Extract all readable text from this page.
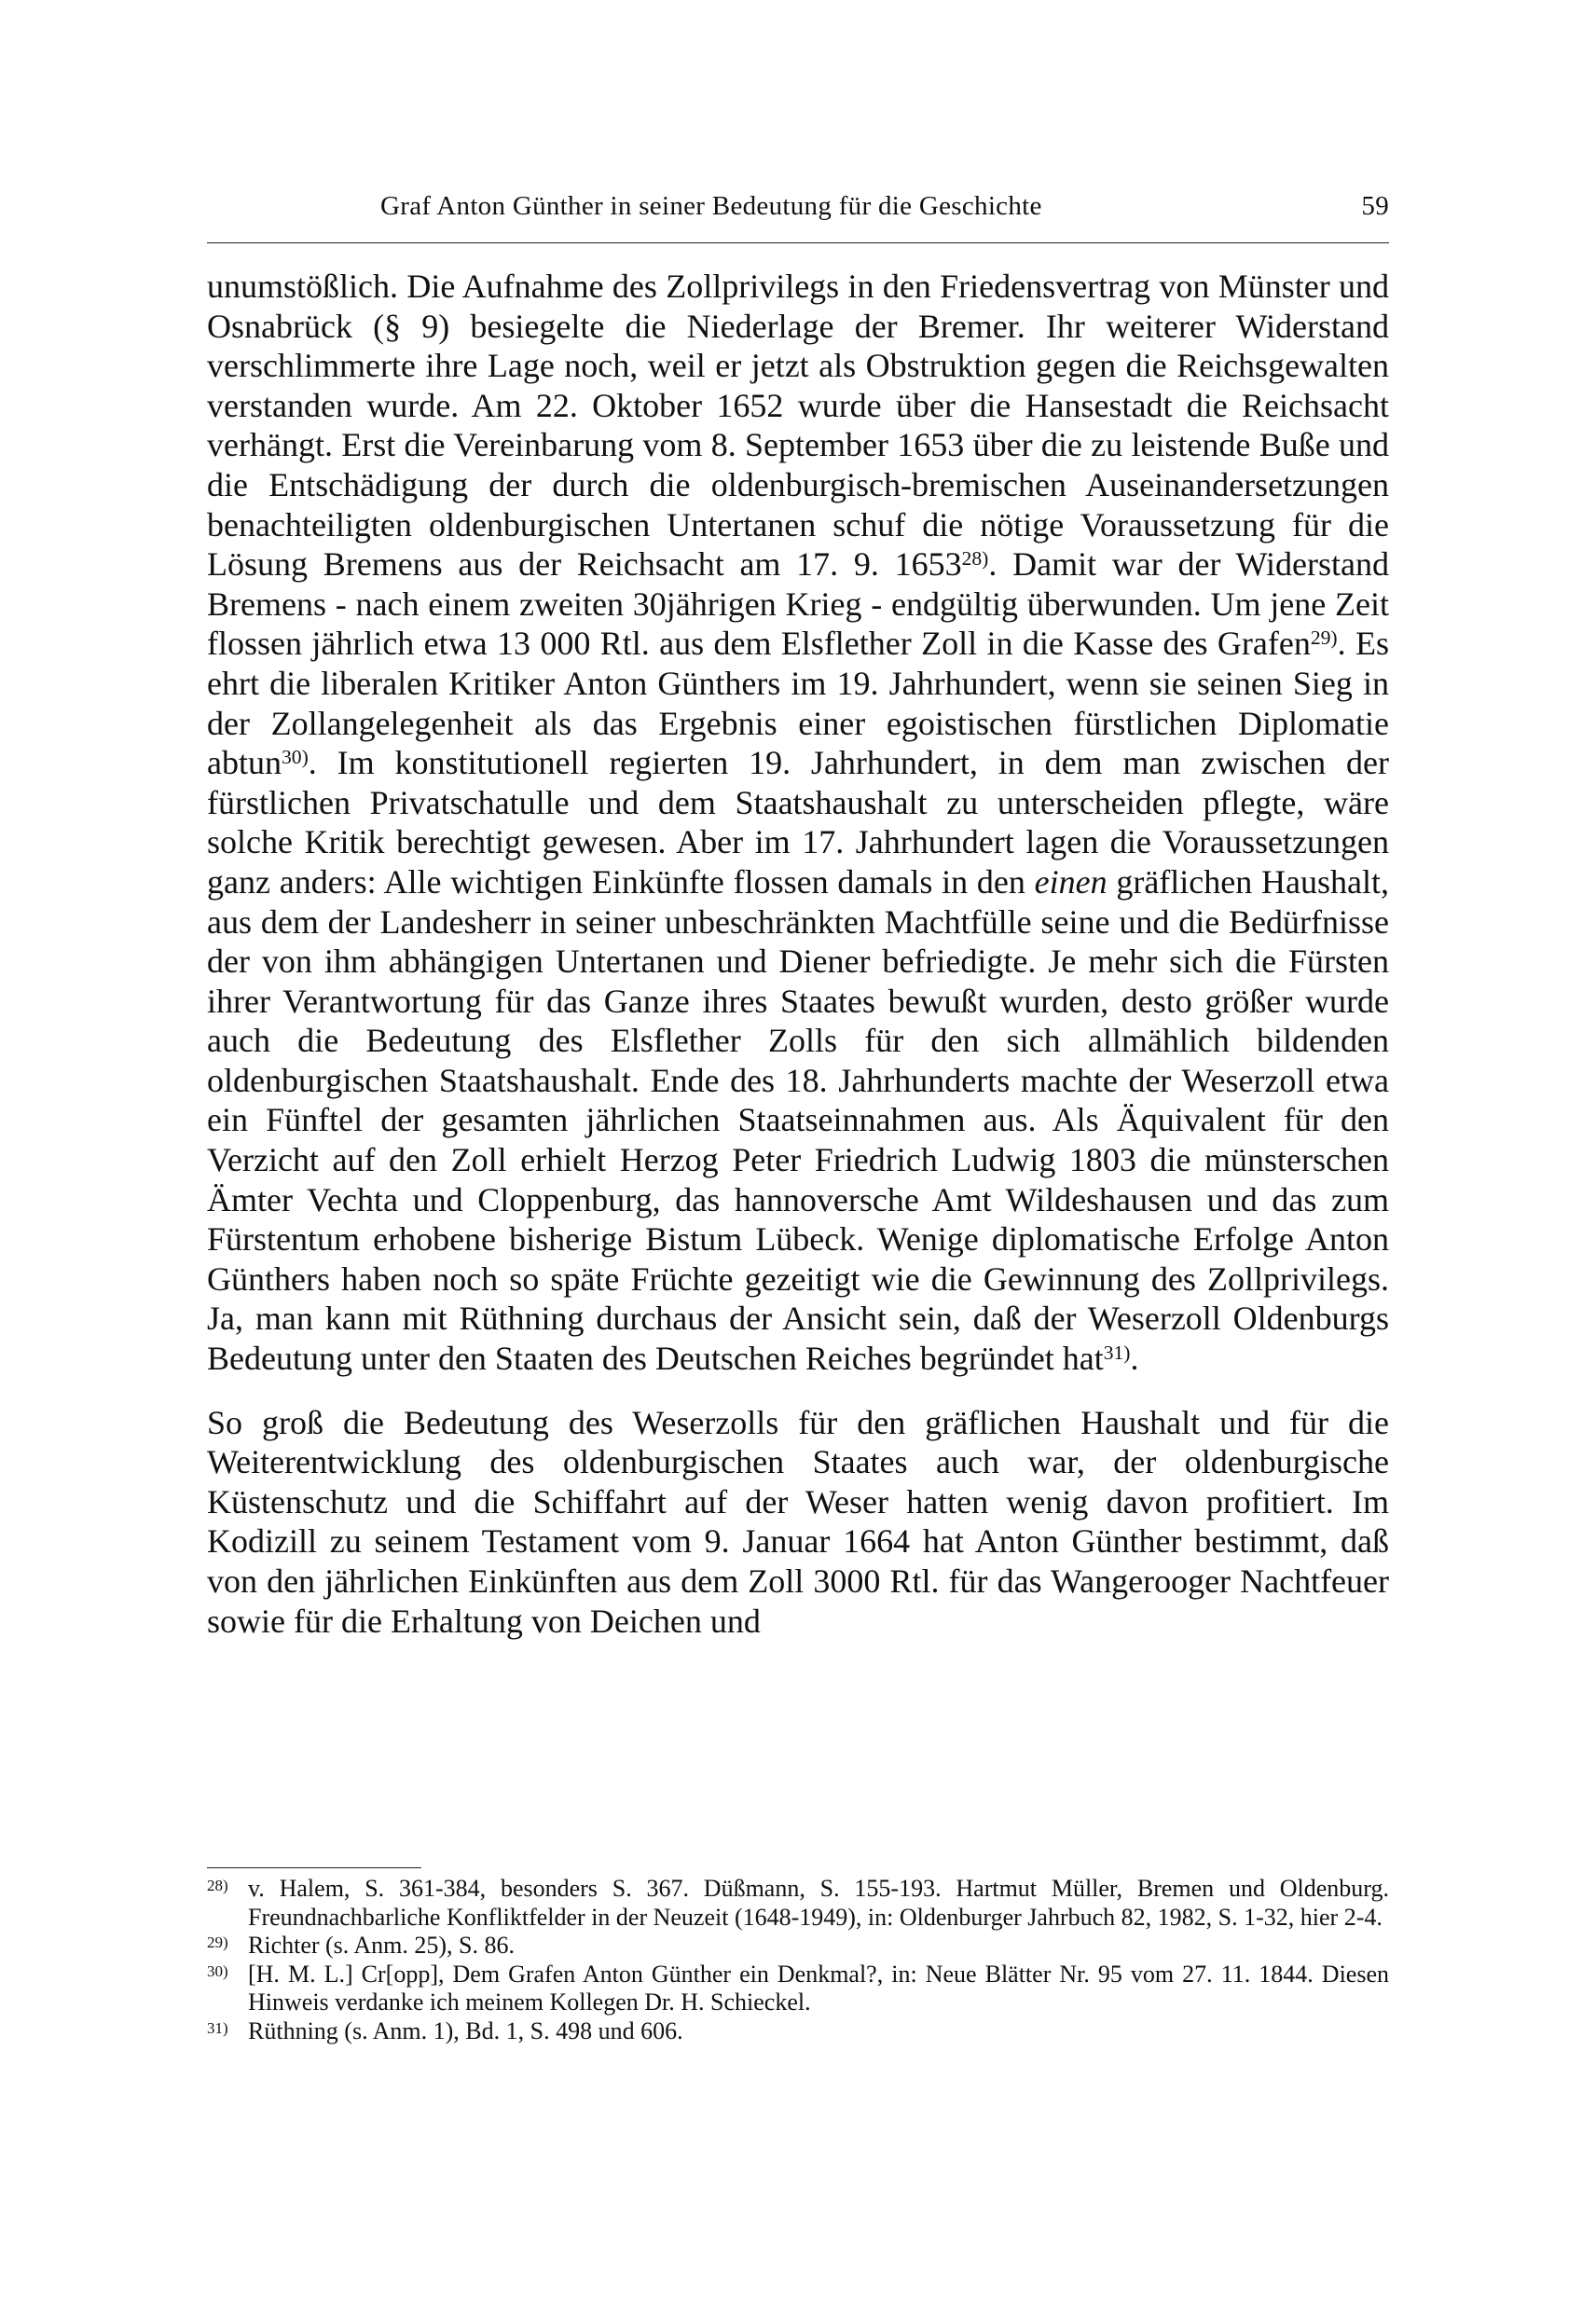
Graf Anton Günther in seiner Bedeutung für die Geschichte	59

unumstößlich. Die Aufnahme des Zollprivilegs in den Friedensvertrag von Münster und Osnabrück (§ 9) besiegelte die Niederlage der Bremer. Ihr weiterer Widerstand verschlimmerte ihre Lage noch, weil er jetzt als Obstruktion gegen die Reichsgewalten verstanden wurde. Am 22. Oktober 1652 wurde über die Hansestadt die Reichsacht verhängt. Erst die Vereinbarung vom 8. September 1653 über die zu leistende Buße und die Entschädigung der durch die oldenburgisch-bremischen Auseinandersetzungen benachteiligten oldenburgischen Untertanen schuf die nötige Voraussetzung für die Lösung Bremens aus der Reichsacht am 17. 9. 1653$^{28)}$. Damit war der Widerstand Bremens - nach einem zweiten 30jährigen Krieg - endgültig überwunden. Um jene Zeit flossen jährlich etwa 13 000 Rtl. aus dem Elsflether Zoll in die Kasse des Grafen$^{29)}$. Es ehrt die liberalen Kritiker Anton Günthers im 19. Jahrhundert, wenn sie seinen Sieg in der Zollangelegenheit als das Ergebnis einer egoistischen fürstlichen Diplomatie abtun$^{30)}$. Im konstitutionell regierten 19. Jahrhundert, in dem man zwischen der fürstlichen Privatschatulle und dem Staatshaushalt zu unterscheiden pflegte, wäre solche Kritik berechtigt gewesen. Aber im 17. Jahrhundert lagen die Voraussetzungen ganz anders: Alle wichtigen Einkünfte flossen damals in den einen gräflichen Haushalt, aus dem der Landesherr in seiner unbeschränkten Machtfülle seine und die Bedürfnisse der von ihm abhängigen Untertanen und Diener befriedigte. Je mehr sich die Fürsten ihrer Verantwortung für das Ganze ihres Staates bewußt wurden, desto größer wurde auch die Bedeutung des Elsflether Zolls für den sich allmählich bildenden oldenburgischen Staatshaushalt. Ende des 18. Jahrhunderts machte der Weserzoll etwa ein Fünftel der gesamten jährlichen Staatseinnahmen aus. Als Äquivalent für den Verzicht auf den Zoll erhielt Herzog Peter Friedrich Ludwig 1803 die münsterschen Ämter Vechta und Cloppenburg, das hannoversche Amt Wildeshausen und das zum Fürstentum erhobene bisherige Bistum Lübeck. Wenige diplomatische Erfolge Anton Günthers haben noch so späte Früchte gezeitigt wie die Gewinnung des Zollprivilegs. Ja, man kann mit Rüthning durchaus der Ansicht sein, daß der Weserzoll Oldenburgs Bedeutung unter den Staaten des Deutschen Reiches begründet hat$^{31)}$.

So groß die Bedeutung des Weserzolls für den gräflichen Haushalt und für die Weiterentwicklung des oldenburgischen Staates auch war, der oldenburgische Küstenschutz und die Schiffahrt auf der Weser hatten wenig davon profitiert. Im Kodizill zu seinem Testament vom 9. Januar 1664 hat Anton Günther bestimmt, daß von den jährlichen Einkünften aus dem Zoll 3000 Rtl. für das Wangerooger Nachtfeuer sowie für die Erhaltung von Deichen und

28) v. Halem, S. 361-384, besonders S. 367. Düßmann, S. 155-193. Hartmut Müller, Bremen und Oldenburg. Freundnachbarliche Konfliktfelder in der Neuzeit (1648-1949), in: Oldenburger Jahrbuch 82, 1982, S. 1-32, hier 2-4.
29) Richter (s. Anm. 25), S. 86.
30) [H. M. L.] Cr[opp], Dem Grafen Anton Günther ein Denkmal?, in: Neue Blätter Nr. 95 vom 27. 11. 1844. Diesen Hinweis verdanke ich meinem Kollegen Dr. H. Schieckel.
31) Rüthning (s. Anm. 1), Bd. 1, S. 498 und 606.
